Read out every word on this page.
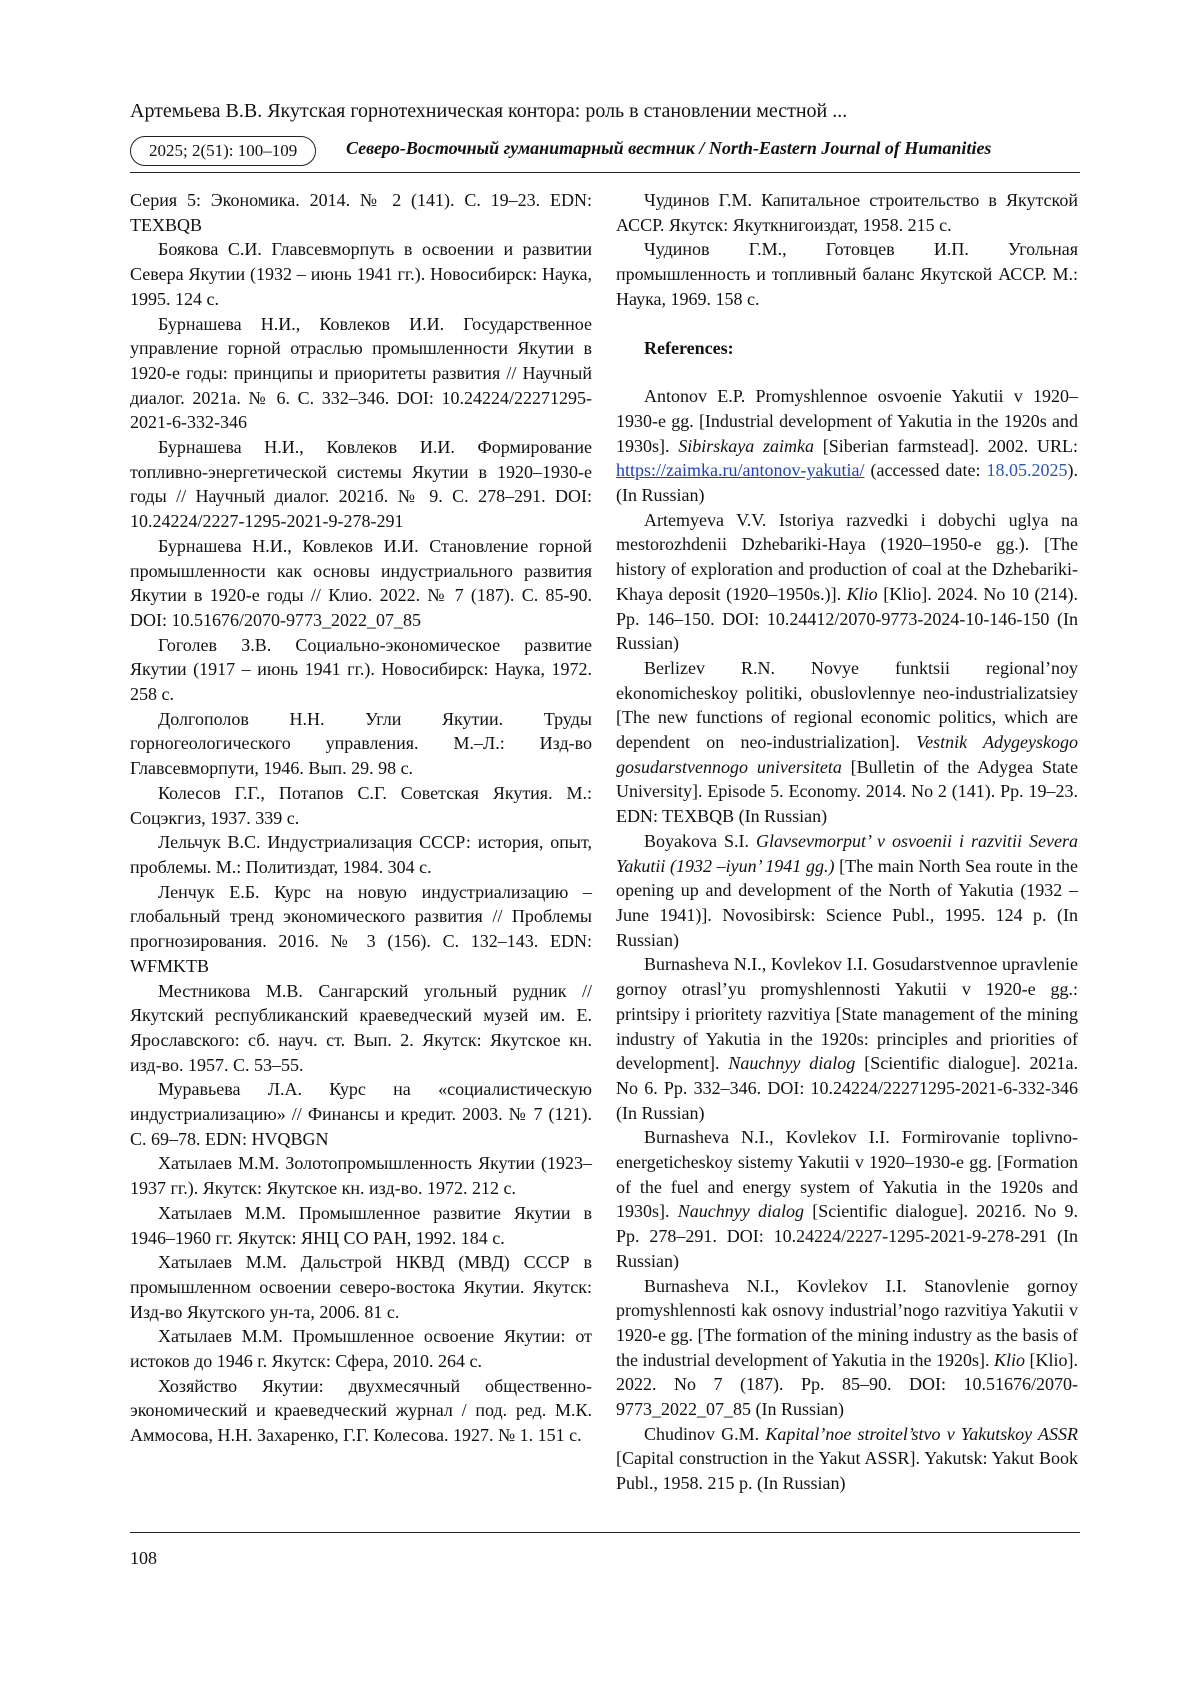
Артемьева В.В. Якутская горнотехническая контора: роль в становлении местной ...
2025; 2(51): 100–109	Северо-Восточный гуманитарный вестник / North-Eastern Journal of Humanities

Серия 5: Экономика. 2014. № 2 (141). С. 19–23. EDN: TEXBQB

Боякова С.И. Главсевморпуть в освоении и развитии Севера Якутии (1932 – июнь 1941 гг.). Новосибирск: Наука, 1995. 124 с.

Бурнашева Н.И., Ковлеков И.И. Государственное управление горной отраслью промышленности Якутии в 1920-е годы: принципы и приоритеты развития // Научный диалог. 2021а. № 6. С. 332–346. DOI: 10.24224/22271295-2021-6-332-346

Бурнашева Н.И., Ковлеков И.И. Формирование топливно-энергетической системы Якутии в 1920–1930-е годы // Научный диалог. 2021б. № 9. С. 278–291. DOI: 10.24224/2227-1295-2021-9-278-291

Бурнашева Н.И., Ковлеков И.И. Становление горной промышленности как основы индустриального развития Якутии в 1920-е годы // Клио. 2022. № 7 (187). С. 85-90. DOI: 10.51676/2070-9773_2022_07_85

Гоголев З.В. Социально-экономическое развитие Якутии (1917 – июнь 1941 гг.). Новосибирск: Наука, 1972. 258 с.

Долгополов Н.Н. Угли Якутии. Труды горногеологического управления. М.–Л.: Изд-во Главсевморпути, 1946. Вып. 29. 98 с.

Колесов Г.Г., Потапов С.Г. Советская Якутия. М.: Соцэкгиз, 1937. 339 с.

Лельчук В.С. Индустриализация СССР: история, опыт, проблемы. М.: Политиздат, 1984. 304 с.

Ленчук Е.Б. Курс на новую индустриализацию – глобальный тренд экономического развития // Проблемы прогнозирования. 2016. № 3 (156). С. 132–143. EDN: WFMKTB

Местникова М.В. Сангарский угольный рудник // Якутский республиканский краеведческий музей им. Е. Ярославского: сб. науч. ст. Вып. 2. Якутск: Якутское кн. изд-во. 1957. С. 53–55.

Муравьева Л.А. Курс на «социалистическую индустриализацию» // Финансы и кредит. 2003. № 7 (121). С. 69–78. EDN: HVQBGN

Хатылаев М.М. Золотопромышленность Якутии (1923–1937 гг.). Якутск: Якутское кн. изд-во. 1972. 212 с.

Хатылаев М.М. Промышленное развитие Якутии в 1946–1960 гг. Якутск: ЯНЦ СО РАН, 1992. 184 с.

Хатылаев М.М. Дальстрой НКВД (МВД) СССР в промышленном освоении северо-востока Якутии. Якутск: Изд-во Якутского ун-та, 2006. 81 с.

Хатылаев М.М. Промышленное освоение Якутии: от истоков до 1946 г. Якутск: Сфера, 2010. 264 с.

Хозяйство Якутии: двухмесячный общественно-экономический и краеведческий журнал / под. ред. М.К. Аммосова, Н.Н. Захаренко, Г.Г. Колесова. 1927. № 1. 151 с.

Чудинов Г.М. Капитальное строительство в Якутской АССР. Якутск: Якуткнигоиздат, 1958. 215 с.

Чудинов Г.М., Готовцев И.П. Угольная промышленность и топливный баланс Якутской АССР. М.: Наука, 1969. 158 с.

References:

Antonov E.P. Promyshlennoe osvoenie Yakutii v 1920–1930-e gg. [Industrial development of Yakutia in the 1920s and 1930s]. Sibirskaya zaimka [Siberian farmstead]. 2002. URL: https://zaimka.ru/antonov-yakutia/ (accessed date: 18.05.2025). (In Russian)

Artemyeva V.V. Istoriya razvedki i dobychi uglya na mestorozhdenii Dzhebariki-Haya (1920–1950-e gg.). [The history of exploration and production of coal at the Dzhebariki-Khaya deposit (1920–1950s.)]. Klio [Klio]. 2024. No 10 (214). Pp. 146–150. DOI: 10.24412/2070-9773-2024-10-146-150 (In Russian)

Berlizev R.N. Novye funktsii regional’noy ekonomicheskoy politiki, obuslovlennye neo-industrializatsiey [The new functions of regional economic politics, which are dependent on neo-industrialization]. Vestnik Adygeyskogo gosudarstvennogo universiteta [Bulletin of the Adygea State University]. Episode 5. Economy. 2014. No 2 (141). Pp. 19–23. EDN: TEXBQB (In Russian)

Boyakova S.I. Glavsevmorput’ v osvoenii i razvitii Severa Yakutii (1932 –iyun’ 1941 gg.) [The main North Sea route in the opening up and development of the North of Yakutia (1932 – June 1941)]. Novosibirsk: Science Publ., 1995. 124 p. (In Russian)

Burnasheva N.I., Kovlekov I.I. Gosudarstvennoe upravlenie gornoy otrasl’yu promyshlennosti Yakutii v 1920-e gg.: printsipy i prioritety razvitiya [State management of the mining industry of Yakutia in the 1920s: principles and priorities of development]. Nauchnyy dialog [Scientific dialogue]. 2021a. No 6. Pp. 332–346. DOI: 10.24224/22271295-2021-6-332-346 (In Russian)

Burnasheva N.I., Kovlekov I.I. Formirovanie toplivno-energeticheskoy sistemy Yakutii v 1920–1930-e gg. [Formation of the fuel and energy system of Yakutia in the 1920s and 1930s]. Nauchnyy dialog [Scientific dialogue]. 2021б. No 9. Pp. 278–291. DOI: 10.24224/2227-1295-2021-9-278-291 (In Russian)

Burnasheva N.I., Kovlekov I.I. Stanovlenie gornoy promyshlennosti kak osnovy industrial’nogo razvitiya Yakutii v 1920-e gg. [The formation of the mining industry as the basis of the industrial development of Yakutia in the 1920s]. Klio [Klio]. 2022. No 7 (187). Pp. 85–90. DOI: 10.51676/2070-9773_2022_07_85 (In Russian)

Chudinov G.M. Kapital’noe stroitel’stvo v Yakutskoy ASSR [Capital construction in the Yakut ASSR]. Yakutsk: Yakut Book Publ., 1958. 215 p. (In Russian)

108
